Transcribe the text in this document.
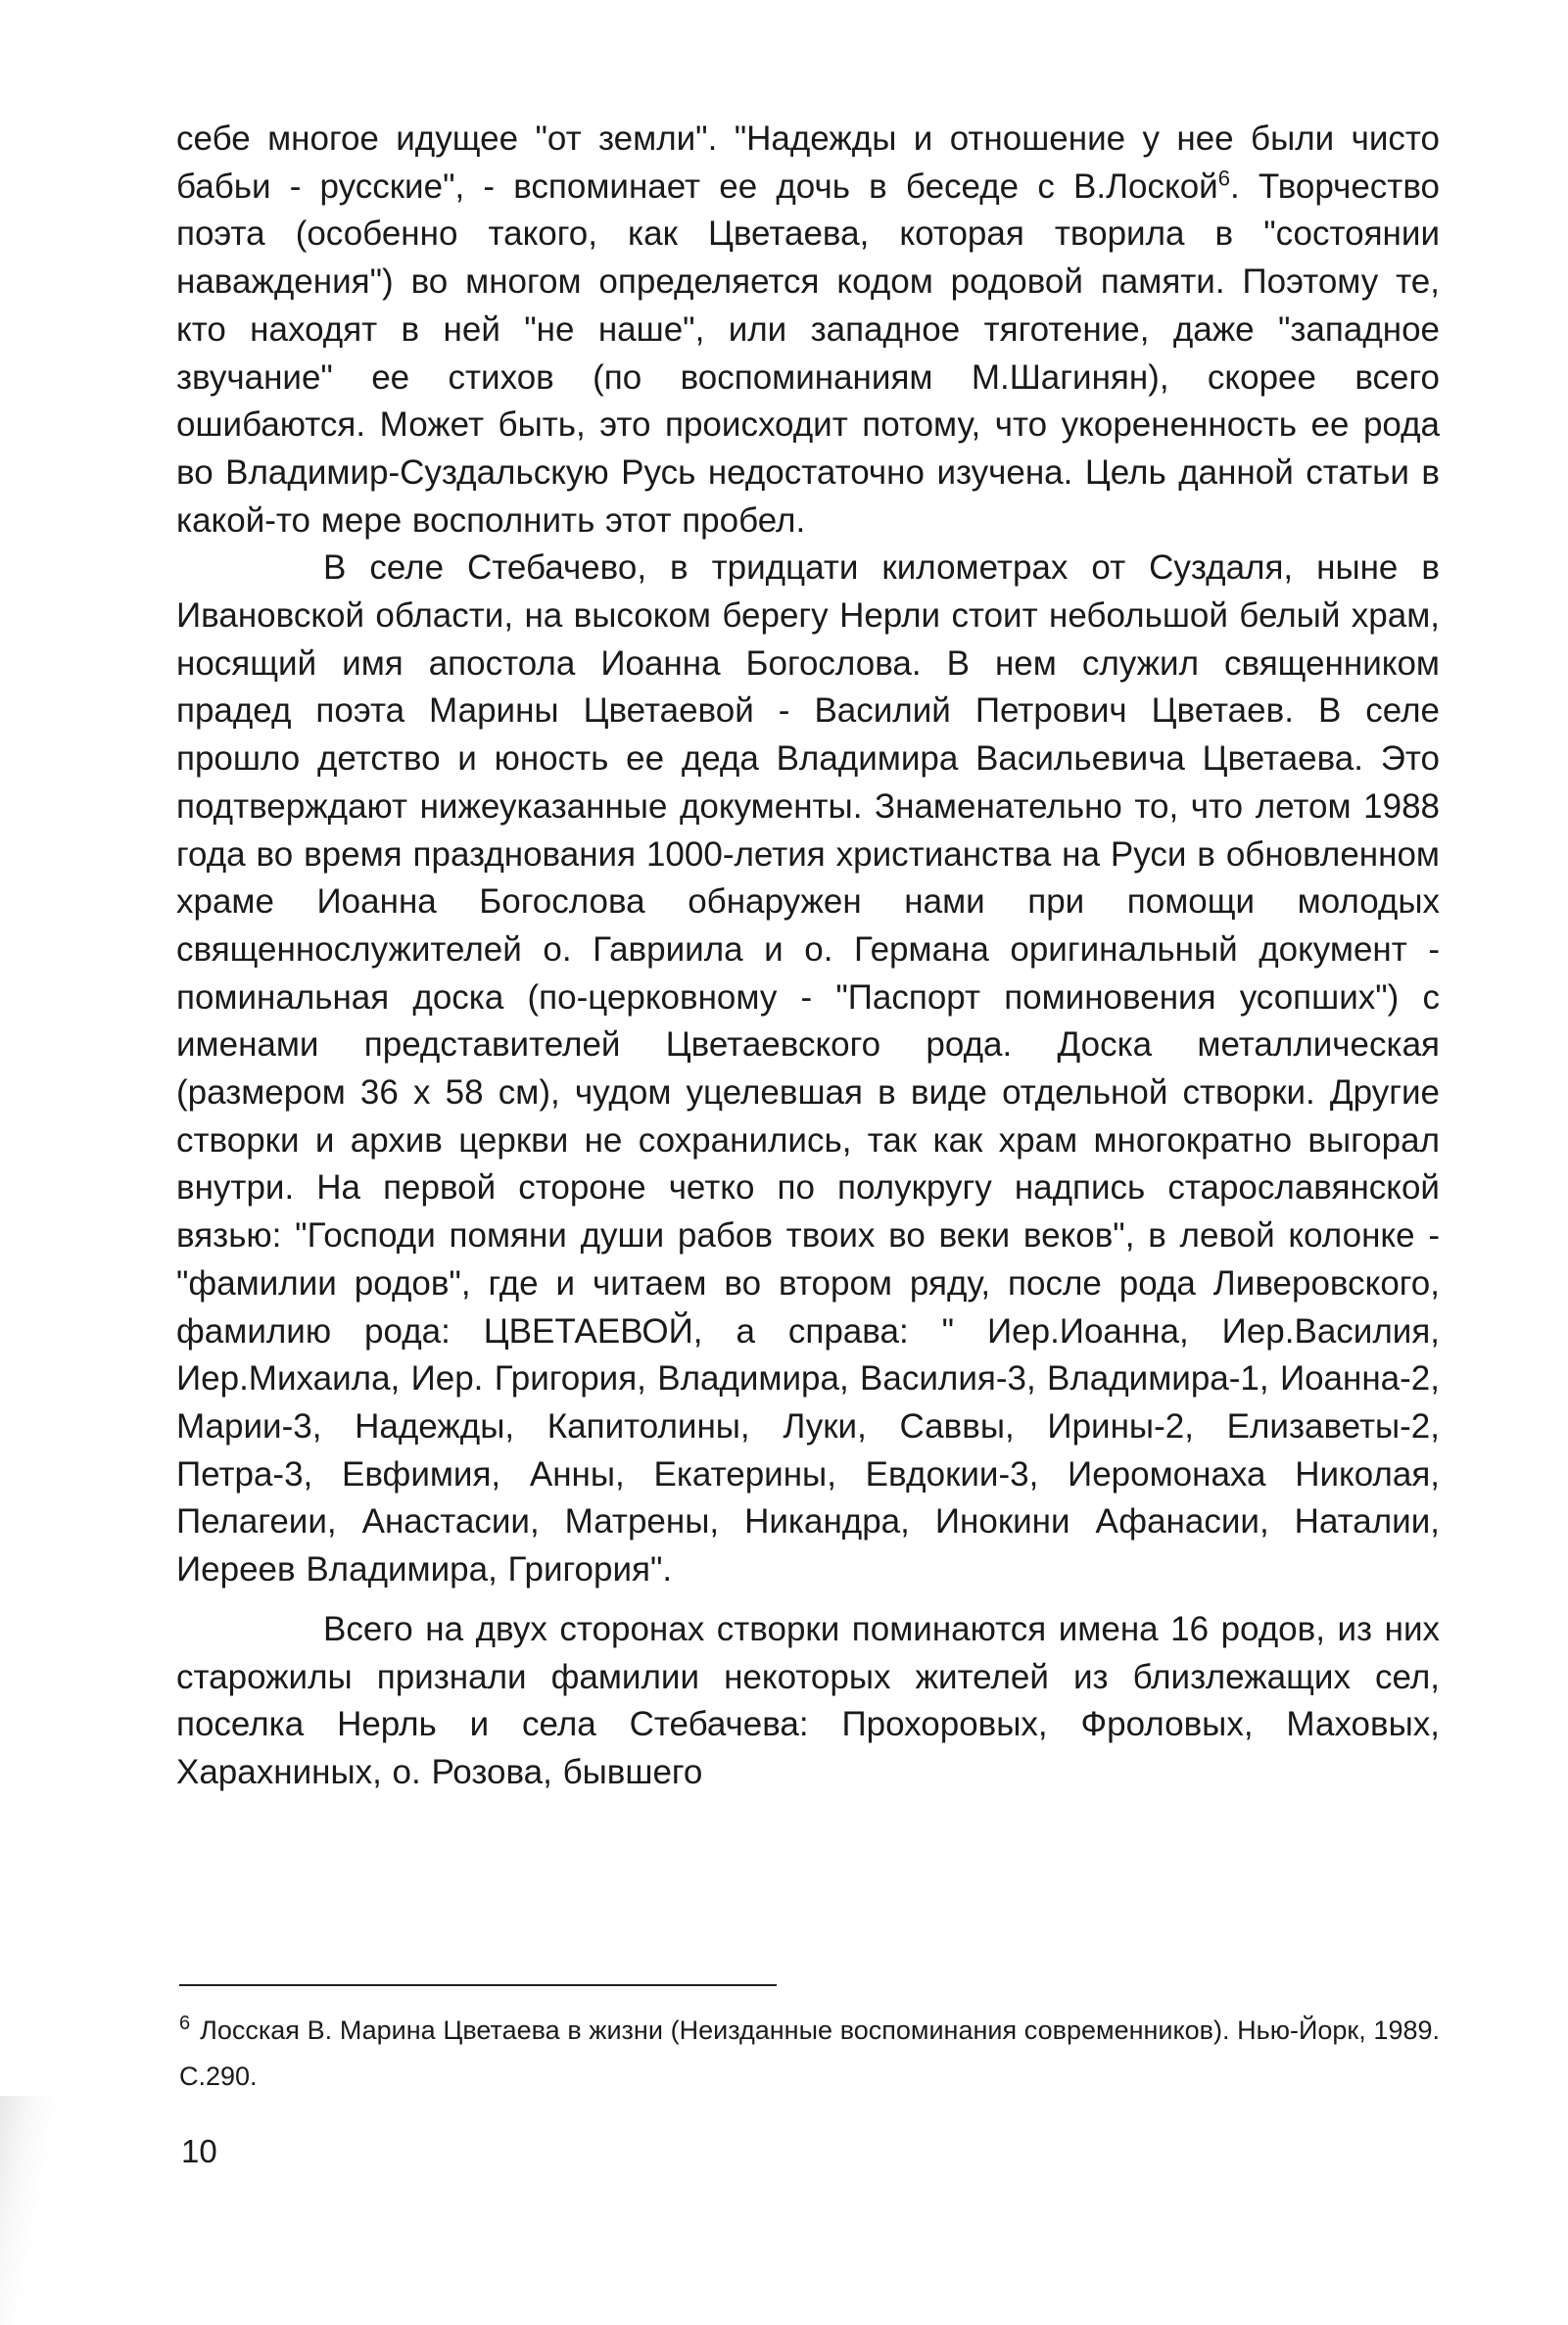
себе многое идущее "от земли". "Надежды и отношение у нее были чисто бабьи - русские", - вспоминает ее дочь в беседе с В.Лоской$^6$. Творчество поэта (особенно такого, как Цветаева, которая творила в "состоянии наваждения") во многом определяется кодом родовой памяти. Поэтому те, кто находят в ней "не наше", или западное тяготение, даже "западное звучание" ее стихов (по воспоминаниям М.Шагинян), скорее всего ошибаются. Может быть, это происходит потому, что укорененность ее рода во Владимир-Суздальскую Русь недостаточно изучена. Цель данной статьи в какой-то мере восполнить этот пробел.

В селе Стебачево, в тридцати километрах от Суздаля, ныне в Ивановской области, на высоком берегу Нерли стоит небольшой белый храм, носящий имя апостола Иоанна Богослова. В нем служил священником прадед поэта Марины Цветаевой - Василий Петрович Цветаев. В селе прошло детство и юность ее деда Владимира Васильевича Цветаева. Это подтверждают нижеуказанные документы. Знаменательно то, что летом 1988 года во время празднования 1000-летия христианства на Руси в обновленном храме Иоанна Богослова обнаружен нами при помощи молодых священнослужителей о. Гавриила и о. Германа оригинальный документ - поминальная доска (по-церковному - "Паспорт поминовения усопших") с именами представителей Цветаевского рода. Доска металлическая (размером 36 х 58 см), чудом уцелевшая в виде отдельной створки. Другие створки и архив церкви не сохранились, так как храм многократно выгорал внутри. На первой стороне четко по полукругу надпись старославянской вязью: "Господи помяни души рабов твоих во веки веков", в левой колонке - "фамилии родов", где и читаем во втором ряду, после рода Ливеровского, фамилию рода: ЦВЕТАЕВОЙ, а справа: " Иер.Иоанна, Иер.Василия, Иер.Михаила, Иер. Григория, Владимира, Василия-3, Владимира-1, Иоанна-2, Марии-3, Надежды, Капитолины, Луки, Саввы, Ирины-2, Елизаветы-2, Петра-3, Евфимия, Анны, Екатерины, Евдокии-3, Иеромонаха Николая, Пелагеии, Анастасии, Матрены, Никандра, Инокини Афанасии, Наталии, Иереев Владимира, Григория".

Всего на двух сторонах створки поминаются имена 16 родов, из них старожилы признали фамилии некоторых жителей из близлежащих сел, поселка Нерль и села Стебачева: Прохоровых, Фроловых, Маховых, Харахниных, о. Розова, бывшего

$^6$ Лосская В. Марина Цветаева в жизни (Неизданные воспоминания современников). Нью-Йорк, 1989. С.290.

10
